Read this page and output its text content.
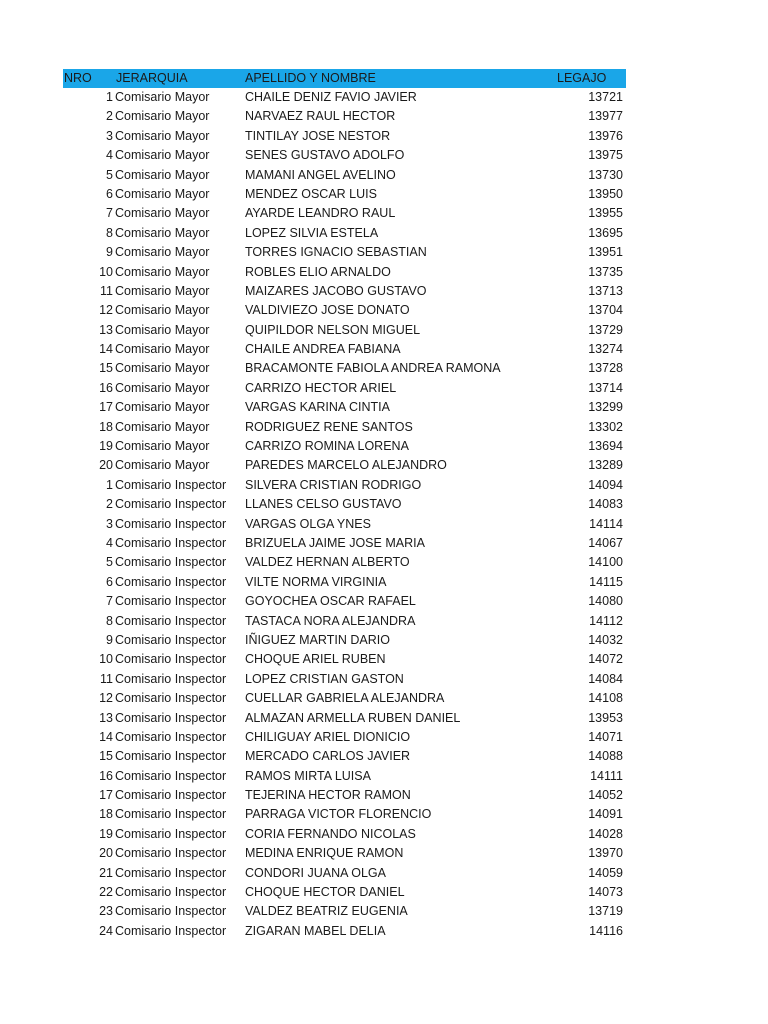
NRO JERARQUIA	APELLIDO Y NOMBRE	LEGAJO
1 Comisario Mayor	CHAILE DENIZ FAVIO JAVIER	13721
2 Comisario Mayor	NARVAEZ RAUL HECTOR	13977
3 Comisario Mayor	TINTILAY JOSE NESTOR	13976
4 Comisario Mayor	SENES GUSTAVO ADOLFO	13975
5 Comisario Mayor	MAMANI ANGEL AVELINO	13730
6 Comisario Mayor	MENDEZ OSCAR LUIS	13950
7 Comisario Mayor	AYARDE LEANDRO RAUL	13955
8 Comisario Mayor	LOPEZ SILVIA ESTELA	13695
9 Comisario Mayor	TORRES IGNACIO SEBASTIAN	13951
10 Comisario Mayor	ROBLES ELIO ARNALDO	13735
11 Comisario Mayor	MAIZARES JACOBO GUSTAVO	13713
12 Comisario Mayor	VALDIVIEZO JOSE DONATO	13704
13 Comisario Mayor	QUIPILDOR NELSON MIGUEL	13729
14 Comisario Mayor	CHAILE ANDREA FABIANA	13274
15 Comisario Mayor	BRACAMONTE FABIOLA ANDREA RAMONA	13728
16 Comisario Mayor	CARRIZO HECTOR ARIEL	13714
17 Comisario Mayor	VARGAS KARINA CINTIA	13299
18 Comisario Mayor	RODRIGUEZ RENE SANTOS	13302
19 Comisario Mayor	CARRIZO ROMINA LORENA	13694
20 Comisario Mayor	PAREDES MARCELO ALEJANDRO	13289
1 Comisario Inspector SILVERA CRISTIAN RODRIGO	14094
2 Comisario Inspector LLANES CELSO GUSTAVO	14083
3 Comisario Inspector VARGAS OLGA YNES	14114
4 Comisario Inspector BRIZUELA JAIME JOSE MARIA	14067
5 Comisario Inspector VALDEZ HERNAN ALBERTO	14100
6 Comisario Inspector VILTE NORMA VIRGINIA	14115
7 Comisario Inspector GOYOCHEA OSCAR RAFAEL	14080
8 Comisario Inspector TASTACA NORA ALEJANDRA	14112
9 Comisario Inspector IÑIGUEZ MARTIN DARIO	14032
10 Comisario Inspector CHOQUE ARIEL RUBEN	14072
11 Comisario Inspector LOPEZ CRISTIAN GASTON	14084
12 Comisario Inspector CUELLAR GABRIELA ALEJANDRA	14108
13 Comisario Inspector ALMAZAN ARMELLA RUBEN DANIEL	13953
14 Comisario Inspector CHILIGUAY ARIEL DIONICIO	14071
15 Comisario Inspector MERCADO CARLOS JAVIER	14088
16 Comisario Inspector RAMOS MIRTA LUISA	14111
17 Comisario Inspector TEJERINA HECTOR RAMON	14052
18 Comisario Inspector PARRAGA VICTOR FLORENCIO	14091
19 Comisario Inspector CORIA FERNANDO NICOLAS	14028
20 Comisario Inspector MEDINA ENRIQUE RAMON	13970
21 Comisario Inspector CONDORI JUANA OLGA	14059
22 Comisario Inspector CHOQUE HECTOR DANIEL	14073
23 Comisario Inspector VALDEZ BEATRIZ EUGENIA	13719
24 Comisario Inspector ZIGARAN MABEL DELIA	14116
